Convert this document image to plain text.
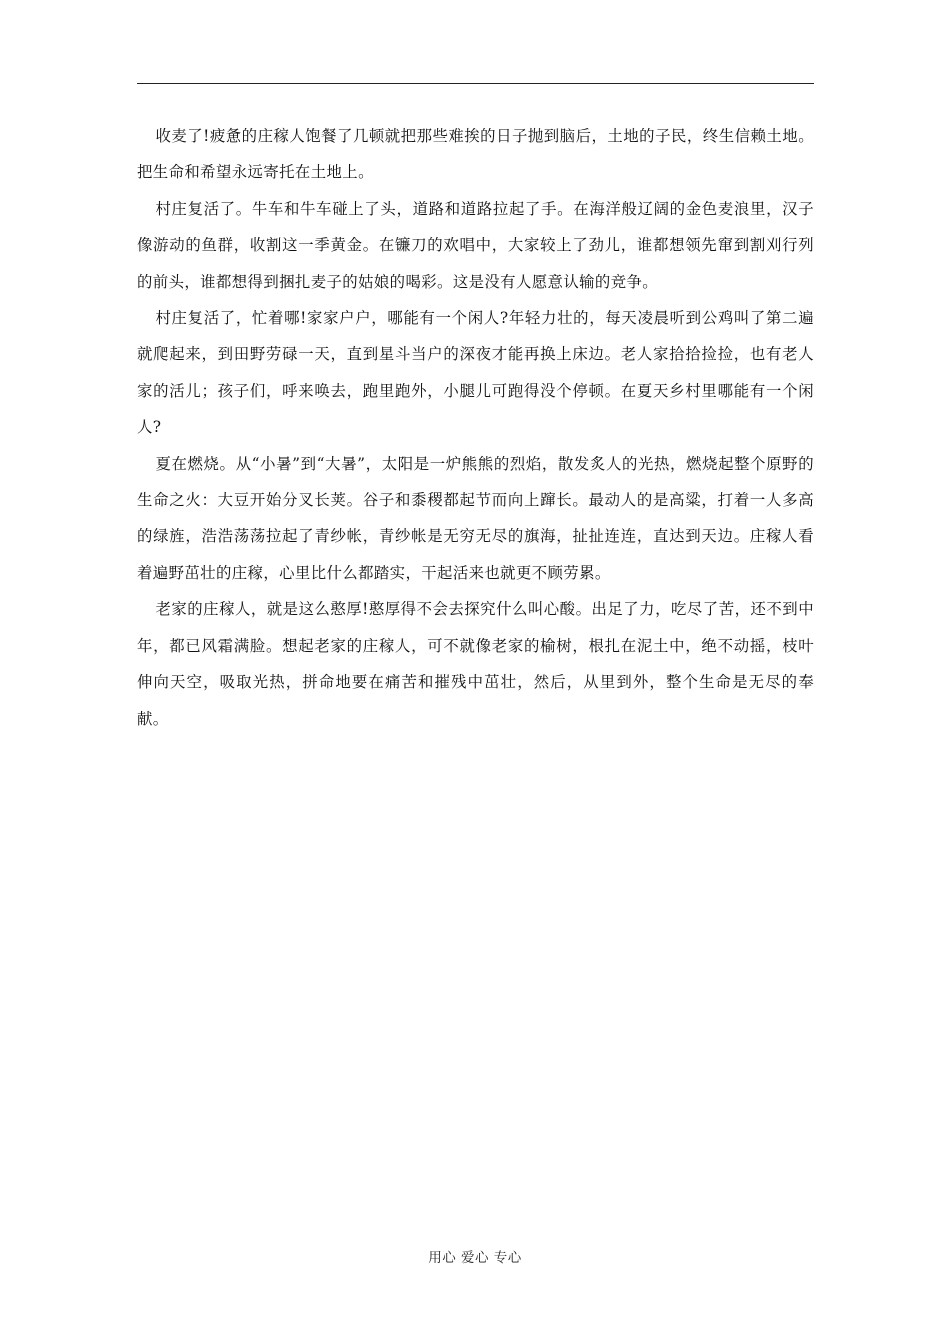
收麦了!疲惫的庄稼人饱餐了几顿就把那些难挨的日子抛到脑后，土地的子民，终生信赖土地。把生命和希望永远寄托在土地上。

村庄复活了。牛车和牛车碰上了头，道路和道路拉起了手。在海洋般辽阔的金色麦浪里，汉子像游动的鱼群，收割这一季黄金。在镰刀的欢唱中，大家较上了劲儿，谁都想领先窜到割刈行列的前头，谁都想得到捆扎麦子的姑娘的喝彩。这是没有人愿意认输的竞争。

村庄复活了，忙着哪!家家户户，哪能有一个闲人?年轻力壮的，每天凌晨听到公鸡叫了第二遍就爬起来，到田野劳碌一天，直到星斗当户的深夜才能再换上床边。老人家拾拾捡捡，也有老人家的活儿；孩子们，呼来唤去，跑里跑外，小腿儿可跑得没个停顿。在夏天乡村里哪能有一个闲人?

夏在燃烧。从“小暑”到“大暑”，太阳是一炉熊熊的烈焰，散发炙人的光热，燃烧起整个原野的生命之火：大豆开始分叉长荚。谷子和黍稷都起节而向上蹿长。最动人的是高粱，打着一人多高的绿旌，浩浩荡荡拉起了青纱帐，青纱帐是无穷无尽的旗海，扯扯连连，直达到天边。庄稼人看着遍野茁壮的庄稼，心里比什么都踏实，干起活来也就更不顾劳累。

老家的庄稼人，就是这么憨厚!憨厚得不会去探究什么叫心酸。出足了力，吃尽了苦，还不到中年，都已风霜满脸。想起老家的庄稼人，可不就像老家的榆树，根扎在泥土中，绝不动摇，枝叶伸向天空，吸取光热，拼命地要在痛苦和摧残中茁壮，然后，从里到外，整个生命是无尽的奉献。

用心 爱心 专心
